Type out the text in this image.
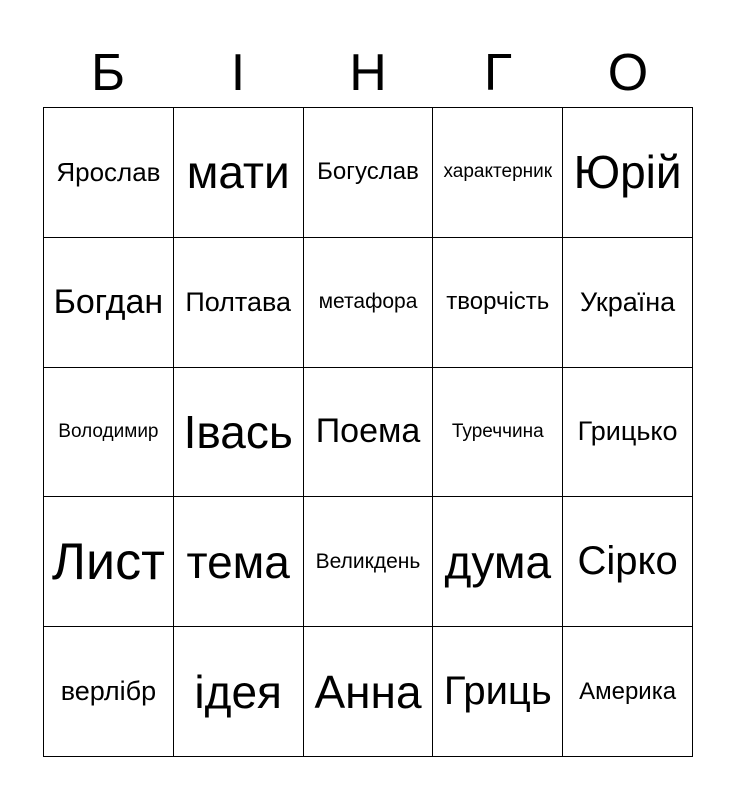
Б	І	Н	Г	О
Ярослав мати Богуслав характерник Юрій
Богдан Полтава метафора творчість Україна
Володимир Івась Поема Туреччина Грицько
Лист тема Великдень дума Сірко
верлібр ідея Анна Гриць Америка
